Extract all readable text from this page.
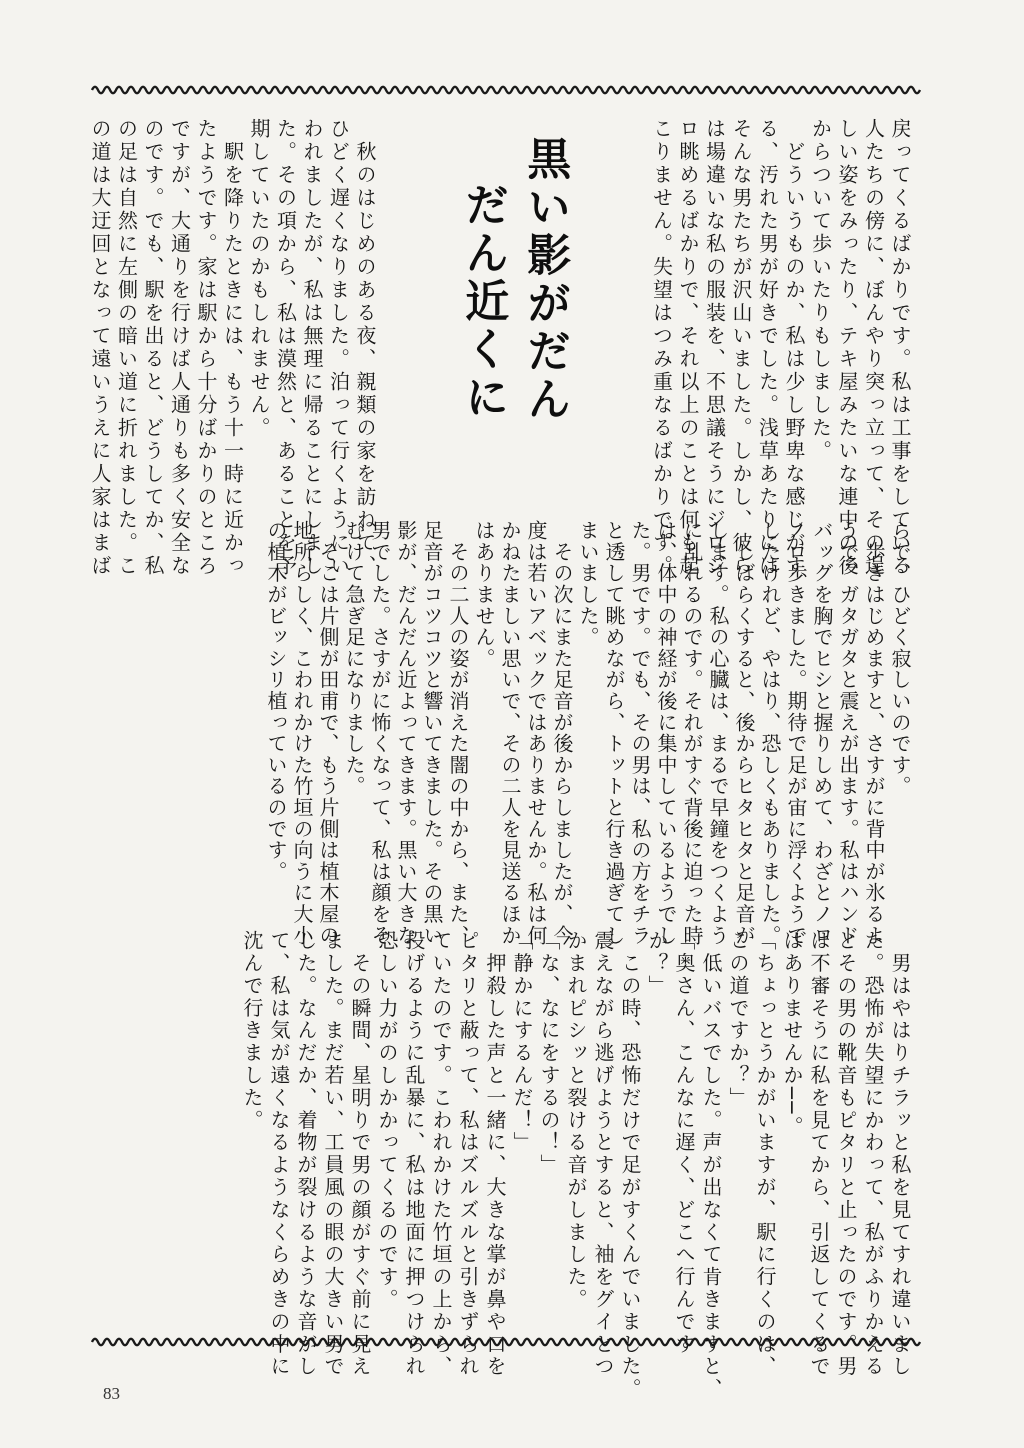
戻ってくるばかりです。私は工事をしている
人たちの傍に、ぼんやり突っ立って、その逞
しい姿をみったり、テキ屋みたいな連中の後
からついて歩いたりもしました。
　どういうものか、私は少し野卑な感じがす
る、汚れた男が好きでした。浅草あたりには
そんな男たちが沢山いました。しかし、彼ら
は場違いな私の服装を、不思議そうにジロジ
ロ眺めるばかりで、それ以上のことは何も起
こりません。失望はつみ重なるばかりです。
黒い影がだん
だん近くに
　秋のはじめのある夜、親類の家を訪ねて、
ひどく遅くなりました。泊って行くようにい
われましたが、私は無理に帰ることにしまし
た。その項から、私は漠然と、あることを予
期していたのかもしれません。
　駅を降りたときには、もう十一時に近かっ
たようです。家は駅から十分ばかりのところ
ですが、大通りを行けば人通りも多く安全な
のです。でも、駅を出ると、どうしてか、私
の足は自然に左側の暗い道に折れました。こ
の道は大迂回となって遠いうえに人家はまば
らで、ひどく寂しいのです。
　歩きはじめますと、さすがに背中が氷るよ
うで、ガタガタと震えが出ます。私はハンド
バッグを胸でヒシと握りしめて、わざとノロ
ノロ歩きました。期待で足が宙に浮くようで
したけれど、やはり、恐しくもありました。
　しばらくすると、後からヒタヒタと足音が
します。私の心臓は、まるで早鐘をつくよう
に乱れるのです。それがすぐ背後に迫った時
は、体中の神経が後に集中しているようでし
た。男です。でも、その男は、私の方をチラ
と透して眺めながら、トットと行き過ぎてし
まいました。
　その次にまた足音が後からしましたが、今
度は若いアベックではありませんか。私は何
かねたましい思いで、その二人を見送るほか
はありません。
　その二人の姿が消えた闇の中から、また、
足音がコツコツと響いてきました。その黒い
影が、だんだん近よってきます。黒い大きな
男でした。さすがに怖くなって、私は顔をそ
むけて急ぎ足になりました。
　そこは片側が田甫で、もう片側は植木屋の
地所らしく、こわれかけた竹垣の向うに大小
の植木がビッシリ植っているのです。
　男はやはりチラッと私を見てすれ違いまし
た。恐怖が失望にかわって、私がふりかえる
とその男の靴音もピタリと止ったのです。男
は不審そうに私を見てから、引返してくるで
はありませんか──。
「ちょっとうかがいますが、駅に行くのは、
この道ですか？」
　低いバスでした。声が出なくて肯きますと、
「奥さん、こんなに遅く、どこへ行んです
か？」
　この時、恐怖だけで足がすくんでいました。
震えながら逃げようとすると、袖をグイとつ
かまれピシッと裂ける音がしました。
「な、なにをするの！」
「静かにするんだ！」
　押殺した声と一緒に、大きな掌が鼻や口を
ピタリと蔽って、私はズルズルと引きずられ
ていたのです。こわれかけた竹垣の上から、
投げるように乱暴に、私は地面に押つけられ
恐しい力がのしかかってくるのです。
　その瞬間、星明りで男の顔がすぐ前に見え
ました。まだ若い、工員風の眼の大きい男で
した。なんだか、着物が裂けるような音がし
て、私は気が遠くなるようなくらめきの中に
沈んで行きました。
83
